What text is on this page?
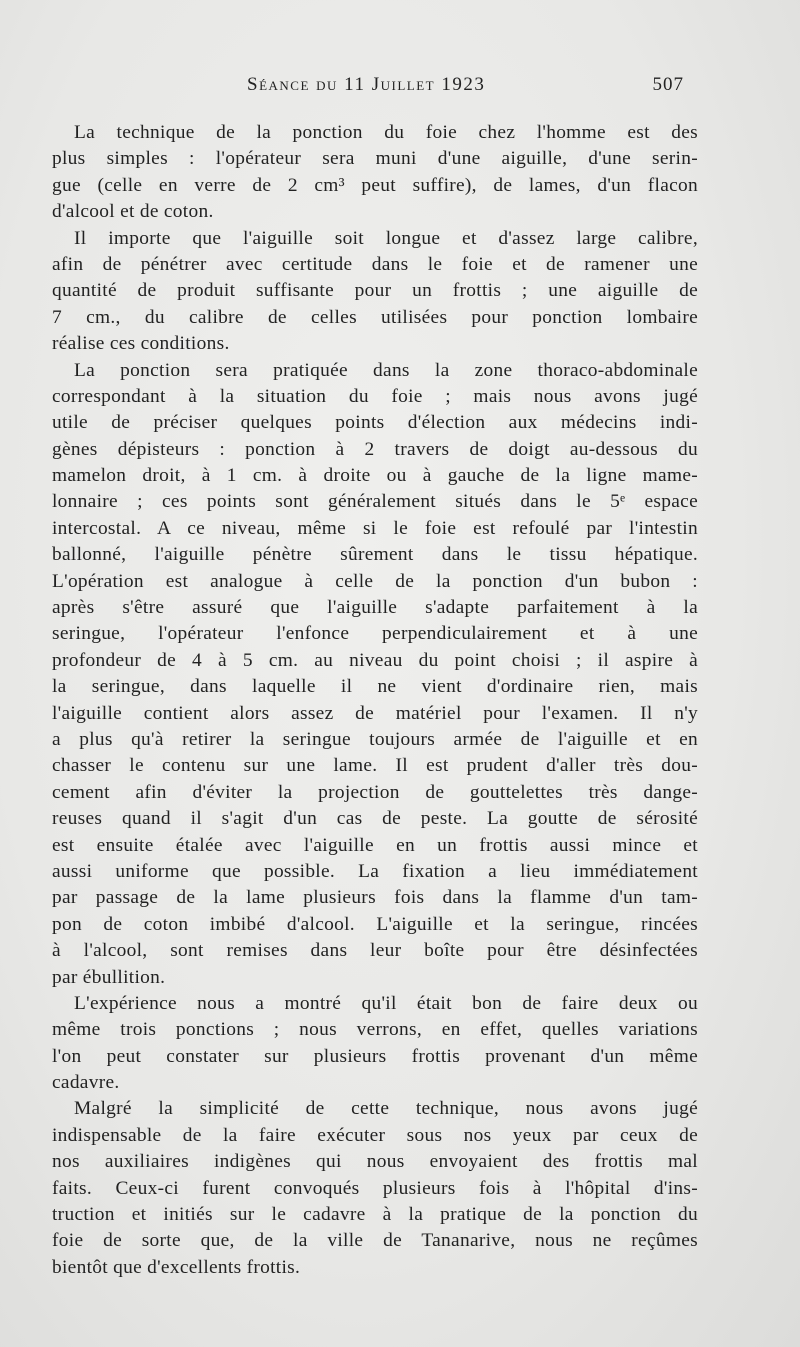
Séance du 11 Juillet 1923	507
La technique de la ponction du foie chez l'homme est des
plus simples : l'opérateur sera muni d'une aiguille, d'une serin-
gue (celle en verre de 2 cm³ peut suffire), de lames, d'un flacon
d'alcool et de coton.
Il importe que l'aiguille soit longue et d'assez large calibre,
afin de pénétrer avec certitude dans le foie et de ramener une
quantité de produit suffisante pour un frottis ; une aiguille de
7 cm., du calibre de celles utilisées pour ponction lombaire
réalise ces conditions.
La ponction sera pratiquée dans la zone thoraco-abdominale
correspondant à la situation du foie ; mais nous avons jugé
utile de préciser quelques points d'élection aux médecins indi-
gènes dépisteurs : ponction à 2 travers de doigt au-dessous du
mamelon droit, à 1 cm. à droite ou à gauche de la ligne mame-
lonnaire ; ces points sont généralement situés dans le 5ᵉ espace
intercostal. A ce niveau, même si le foie est refoulé par l'intestin
ballonné, l'aiguille pénètre sûrement dans le tissu hépatique.
L'opération est analogue à celle de la ponction d'un bubon :
après s'être assuré que l'aiguille s'adapte parfaitement à la
seringue, l'opérateur l'enfonce perpendiculairement et à une
profondeur de 4 à 5 cm. au niveau du point choisi ; il aspire à
la seringue, dans laquelle il ne vient d'ordinaire rien, mais
l'aiguille contient alors assez de matériel pour l'examen. Il n'y
a plus qu'à retirer la seringue toujours armée de l'aiguille et en
chasser le contenu sur une lame. Il est prudent d'aller très dou-
cement afin d'éviter la projection de gouttelettes très dange-
reuses quand il s'agit d'un cas de peste. La goutte de sérosité
est ensuite étalée avec l'aiguille en un frottis aussi mince et
aussi uniforme que possible. La fixation a lieu immédiatement
par passage de la lame plusieurs fois dans la flamme d'un tam-
pon de coton imbibé d'alcool. L'aiguille et la seringue, rincées
à l'alcool, sont remises dans leur boîte pour être désinfectées
par ébullition.
L'expérience nous a montré qu'il était bon de faire deux ou
même trois ponctions ; nous verrons, en effet, quelles variations
l'on peut constater sur plusieurs frottis provenant d'un même
cadavre.
Malgré la simplicité de cette technique, nous avons jugé
indispensable de la faire exécuter sous nos yeux par ceux de
nos auxiliaires indigènes qui nous envoyaient des frottis mal
faits. Ceux-ci furent convoqués plusieurs fois à l'hôpital d'ins-
truction et initiés sur le cadavre à la pratique de la ponction du
foie de sorte que, de la ville de Tananarive, nous ne reçûmes
bientôt que d'excellents frottis.
